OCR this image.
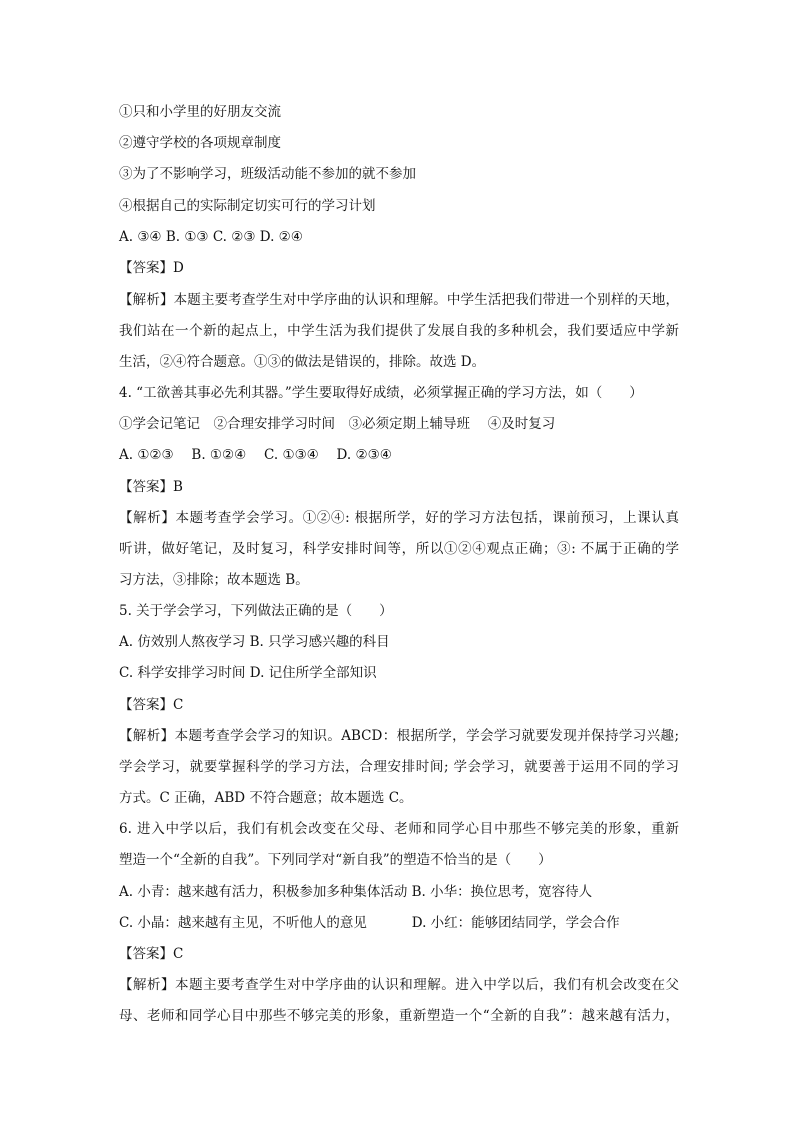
①只和小学里的好朋友交流
②遵守学校的各项规章制度
③为了不影响学习，班级活动能不参加的就不参加
④根据自己的实际制定切实可行的学习计划
A. ③④ B. ①③ C. ②③ D. ②④
【答案】D
【解析】本题主要考查学生对中学序曲的认识和理解。中学生活把我们带进一个别样的天地，
我们站在一个新的起点上，中学生活为我们提供了发展自我的多种机会，我们要适应中学新
生活，②④符合题意。①③的做法是错误的，排除。故选 D。
4. “工欲善其事必先利其器。”学生要取得好成绩，必须掌握正确的学习方法，如（　　）
①学会记笔记　②合理安排学习时间　③必须定期上辅导班　 ④及时复习
A. ①②③　 B. ①②④　 C. ①③④　 D. ②③④
【答案】B
【解析】本题考查学会学习。①②④: 根据所学，好的学习方法包括，课前预习，上课认真
听讲，做好笔记，及时复习，科学安排时间等，所以①②④观点正确；③: 不属于正确的学
习方法，③排除；故本题选 B。
5. 关于学会学习，下列做法正确的是（　　）
A. 仿效别人熬夜学习 B. 只学习感兴趣的科目
C. 科学安排学习时间 D. 记住所学全部知识
【答案】C
【解析】本题考查学会学习的知识。ABCD：根据所学，学会学习就要发现并保持学习兴趣;
学会学习，就要掌握科学的学习方法，合理安排时间; 学会学习，就要善于运用不同的学习
方式。C 正确，ABD 不符合题意；故本题选 C。
6. 进入中学以后，我们有机会改变在父母、老师和同学心目中那些不够完美的形象，重新
塑造一个“全新的自我”。下列同学对“新自我”的塑造不恰当的是（　　）
A. 小青：越来越有活力，积极参加多种集体活动 B. 小华：换位思考，宽容待人
C. 小晶：越来越有主见，不听他人的意见　　　 D. 小红：能够团结同学，学会合作
【答案】C
【解析】本题主要考查学生对中学序曲的认识和理解。进入中学以后，我们有机会改变在父
母、老师和同学心目中那些不够完美的形象，重新塑造一个“全新的自我”：越来越有活力，
